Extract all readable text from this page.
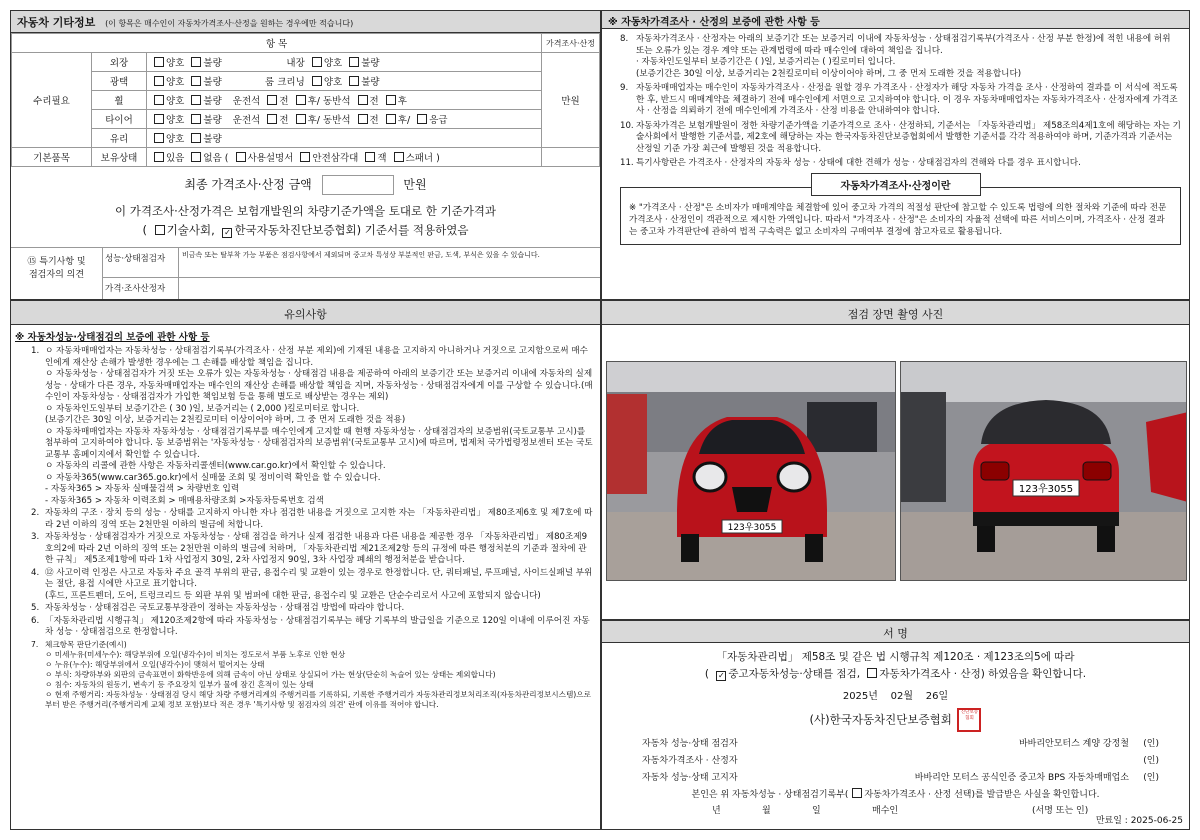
자동차 기타정보 (이 항목은 매수인이 자동차가격조사·산정을 원하는 경우에만 적습니다)
항 목			가격조사·산정
수리필요	외장	양호 불량 내장 양호 불량	만원
	광택	양호 불량 룸 크리닝 양호 불량	
	휠	양호 불량 운전석 전 후/ 동반석 전 후	
	타이어	양호 불량 운전석 전 후/ 동반석 전 후/ 응급	
	유리	양호 불량	
기본품목	보유상태	있음 없음 ( 사용설명서 안전삼각대 잭 스패너 )	
최종 가격조사·산정 금액	만원
이 가격조사·산정가격은 보험개발원의 차량기준가액을 토대로 한 기준가격과
( 기술사회, ✓ 한국자동차진단보증협회) 기준서를 적용하였음
⑮ 특기사항 및
점검자의 의견
성능·상태점검자	비금속 또는 탈부착 가능 부품은 점검사항에서 제외되며 중고차 특성상 부분적인 판금, 도색, 부식은 있을 수 있습니다.
가격·조사산정자
※ 자동차가격조사 · 산정의 보증에 관한 사항 등
8. 자동차가격조사 · 산정자는 아래의 보증기간 또는 보증거리 이내에 자동차성능 · 상태점검기록부(가격조사 · 산정 부분 한정)에 적힌 내용에 허위 또는 오류가 있는 경우 계약 또는 관계법령에 따라 매수인에 대하여 책임을 집니다.
· 자동차인도일부터 보증기간은 ( )일, 보증거리는 ( )킬로미터 입니다.
(보증기간은 30일 이상, 보증거리는 2천킬로미터 이상이어야 하며, 그 중 먼저 도래한 것을 적용합니다)
9. 자동차매매업자는 매수인이 자동차가격조사 · 산정을 원할 경우 가격조사 · 산정자가 해당 자동차 가격을 조사 · 산정하여 결과를 이 서식에 적도록 한 후, 반드시 매매계약을 체결하기 전에 매수인에게 서면으로 고지하여야 합니다. 이 경우 자동차매매업자는 자동차가격조사 · 산정자에게 가격조사 · 산정을 의뢰하기 전에 매수인에게 가격조사 · 산정 비용을 안내하여야 합니다.
10. 자동차가격은 보험개발원이 정한 차량기준가액을 기준가격으로 조사 · 산정하되, 기준서는 「자동차관리법」 제58조의4제1호에 해당하는 자는 기술사회에서 발행한 기준서를, 제2호에 해당하는 자는 한국자동차진단보증협회에서 발행한 기준서를 각각 적용하여야 하며, 기준가격과 기준서는 산정일 기준 가장 최근에 발행된 것을 적용합니다.
11. 특기사항란은 가격조사 · 산정자의 자동차 성능 · 상태에 대한 견해가 성능 · 상태점검자의 견해와 다를 경우 표시합니다.
자동차가격조사·산정이란
※ "가격조사 · 산정"은 소비자가 매매계약을 체결함에 있어 중고차 가격의 적절성 판단에 참고할 수 있도록 법령에 의한 절차와 기준에 따라 전문 가격조사 · 산정인이 객관적으로 제시한 가액입니다. 따라서 "가격조사 · 산정"은 소비자의 자율적 선택에 따른 서비스이며, 가격조사 · 산정 결과는 중고차 가격판단에 관하여 법적 구속력은 없고 소비자의 구매여부 결정에 참고자료로 활용됩니다.
유의사항
※ 자동차성능·상태점검의 보증에 관한 사항 등
1. ㅇ 자동차매매업자는 자동차성능 · 상태점검기록부(가격조사 · 산정 부분 제외)에 기재된 내용을 고지하지 아니하거나 거짓으로 고지함으로써 매수인에게 재산상 손해가 발생한 경우에는 그 손해를 배상할 책임을 집니다.
ㅇ 자동차성능 · 상태점검자가 거짓 또는 오류가 있는 자동차성능 · 상태점검 내용을 제공하여 아래의 보증기간 또는 보증거리 이내에 자동차의 실제 성능 · 상태가 다른 경우, 자동차매매업자는 매수인의 재산상 손해를 배상할 책임을 지며, 자동차성능 · 상태점검자에게 이를 구상할 수 있습니다.(매수인이 자동차성능 · 상태점검자가 가입한 책임보험 등을 통해 별도로 배상받는 경우는 제외)
ㅇ 자동차인도일부터 보증기간은 ( 30 )일, 보증거리는 ( 2,000 )킬로미터로 합니다.
(보증기간은 30일 이상, 보증거리는 2천킬로미터 이상이어야 하며, 그 중 먼저 도래한 것을 적용)
ㅇ 자동차매매업자는 자동차 자동차성능 · 상태점검기록부를 매수인에게 고지할 때 현행 자동차성능 · 상태점검자의 보증범위(국토교통부 고시)를 첨부하여 고지하여야 합니다. 동 보증범위는 '자동차성능 · 상태점검자의 보증범위'(국토교통부 고시)에 따르며, 법제처 국가법령정보센터 또는 국토교통부 홈페이지에서 확인할 수 있습니다.
ㅇ 자동차의 리콜에 관한 사항은 자동차리콜센터(www.car.go.kr)에서 확인할 수 있습니다.
ㅇ 자동차365(www.car365.go.kr)에서 실매물 조회 및 정비이력 확인을 할 수 있습니다.
- 자동차365 > 자동차 실매물검색 > 차량번호 입력
- 자동차365 > 자동차 이력조회 > 매매용차량조회 >자동차등록번호 검색
2. 자동차의 구조 · 장치 등의 성능 · 상태를 고지하지 아니한 자나 점검한 내용을 거짓으로 고지한 자는 「자동차관리법」 제80조제6호 및 제7호에 따라 2년 이하의 징역 또는 2천만원 이하의 벌금에 처합니다.
3. 자동차성능 · 상태점검자가 거짓으로 자동차성능 · 상태 점검을 하거나 실제 점검한 내용과 다른 내용을 제공한 경우 「자동차관리법」 제80조제9호의2에 따라 2년 이하의 징역 또는 2천만원 이하의 벌금에 처하며, 「자동차관리법 제21조제2항 등의 규정에 따른 행정처분의 기준과 절차에 관한 규칙」 제5조제1항에 따라 1차 사업정지 30일, 2차 사업정지 90일, 3차 사업장 폐쇄의 행정처분을 받습니다.
4. ⑫ 사고이력 인정은 사고로 자동차 주요 골격 부위의 판금, 용접수리 및 교환이 있는 경우로 한정합니다. 단, 쿼터패널, 루프패널, 사이드실패널 부위는 절단, 용접 시에만 사고로 표기합니다.
(후드, 프론트펜더, 도어, 트렁크리드 등 외판 부위 및 범퍼에 대한 판금, 용접수리 및 교환은 단순수리로서 사고에 포함되지 않습니다)
5. 자동차성능 · 상태점검은 국토교통부장관이 정하는 자동차성능 · 상태점검 방법에 따라야 합니다.
6. 「자동차관리법 시행규칙」 제120조제2항에 따라 자동차성능 · 상태점검기록부는 해당 기록부의 발급일을 기준으로 120일 이내에 이루어진 자동차 성능 · 상태점검으로 한정합니다.
7. 체크항목 판단기준(예시)
ㅇ 미세누유(미세누수): 해당부위에 오일(냉각수)이 비치는 정도로서 부품 노후로 인한 현상
ㅇ 누유(누수): 해당부위에서 오일(냉각수)이 맺혀서 떨어지는 상태
ㅇ 부식: 차량하부와 외판의 금속표면이 화학반응에 의해 금속이 아닌 상태로 상실되어 가는 현상(단순히 녹슬어 있는 상태는 제외합니다)
ㅇ 침수: 자동차의 원동기, 변속기 등 주요장치 일부가 물에 잠긴 흔적이 있는 상태
ㅇ 현재 주행거리: 자동차성능 · 상태점검 당시 해당 차량 주행거리계의 주행거리를 기록하되, 기록한 주행거리가 자동차관리정보처리조직(자동차관리정보시스템)으로부터 받은 주행거리(주행거리계 교체 정보 포함)보다 적은 경우 '특기사항 및 점검자의 의견' 란에 이유를 적어야 합니다.
점검 장면 촬영 사진
123우3055
123우3055
서 명
「자동차관리법」 제58조 및 같은 법 시행규칙 제120조 · 제123조의5에 따라
( ✓ 중고자동차성능·상태를 점검, 자동차가격조사 · 산정) 하였음을 확인합니다.
2025년 02월 26일
(사)한국자동차진단보증협회 진단보증협회
자동차 성능·상태 점검자	바바리안모터스 계양 강정철	(인)
자동차가격조사 · 산정자	(인)
자동차 성능·상태 고지자	바바리안 모터스 공식인증 중고차 BPS 자동차매매업소	(인)
본인은 위 자동차성능 · 상태점검기록부( 자동차가격조사 · 산정 선택)를 발급받은 사실을 확인합니다.
년	월	일	매수인	(서명 또는 인)
만료일 : 2025-06-25
